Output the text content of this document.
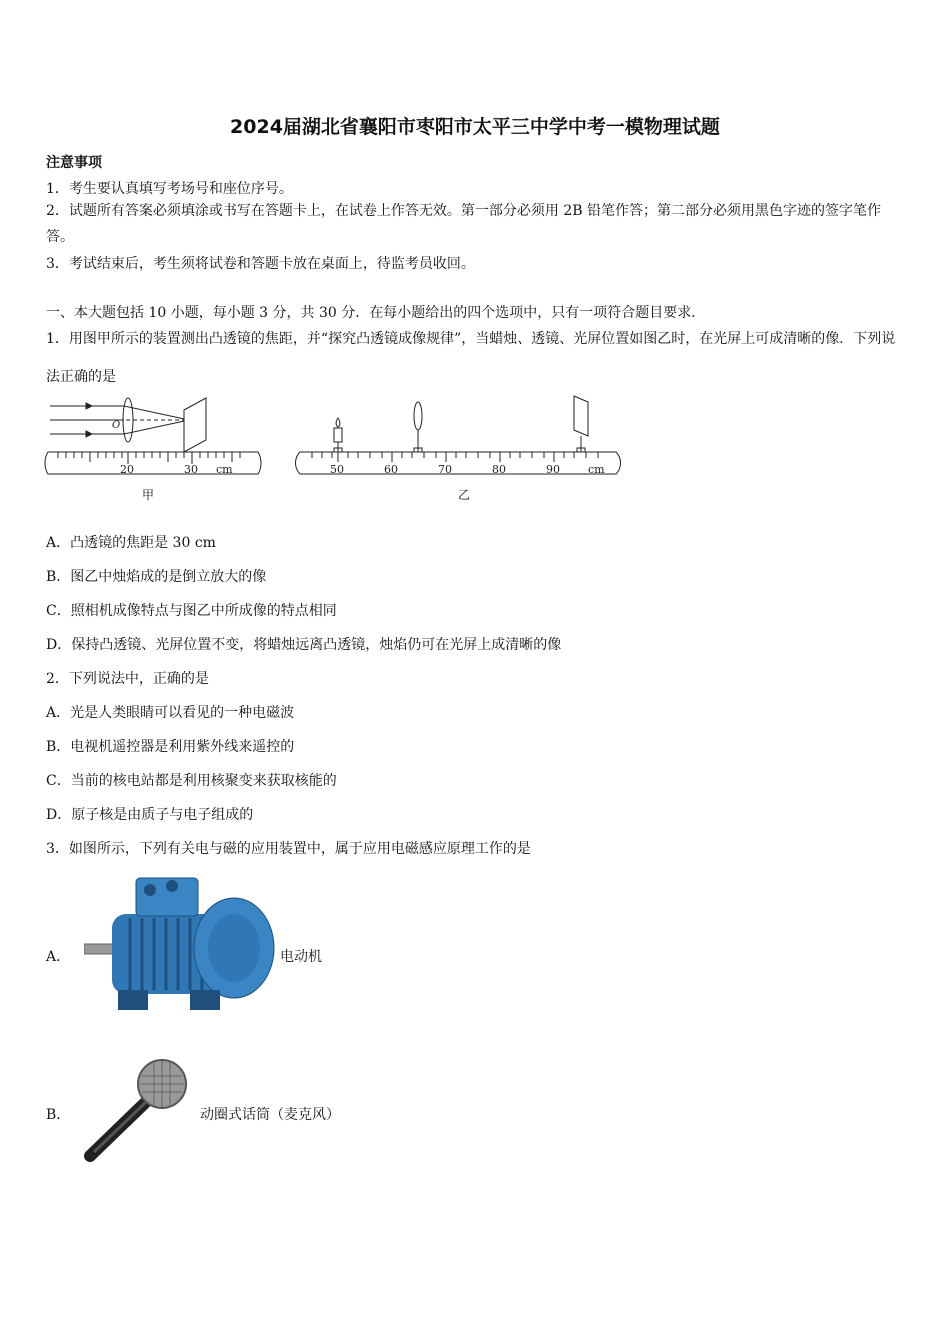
2024届湖北省襄阳市枣阳市太平三中学中考一模物理试题
注意事项
1．考生要认真填写考场号和座位序号。
2．试题所有答案必须填涂或书写在答题卡上，在试卷上作答无效。第一部分必须用 2B 铅笔作答；第二部分必须用黑色字迹的签字笔作答。
3．考试结束后，考生须将试卷和答题卡放在桌面上，待监考员收回。
一、本大题包括 10 小题，每小题 3 分，共 30 分．在每小题给出的四个选项中，只有一项符合题目要求．
1．用图甲所示的装置测出凸透镜的焦距，并“探究凸透镜成像规律”，当蜡烛、透镜、光屏位置如图乙时，在光屏上可成清晰的像．下列说法正确的是
O
20	30 cm
甲
50	60	70	80	90	cm
乙
A．凸透镜的焦距是 30 cm
B．图乙中烛焰成的是倒立放大的像
C．照相机成像特点与图乙中所成像的特点相同
D．保持凸透镜、光屏位置不变，将蜡烛远离凸透镜，烛焰仍可在光屏上成清晰的像
2．下列说法中，正确的是
A．光是人类眼睛可以看见的一种电磁波
B．电视机遥控器是利用紫外线来遥控的
C．当前的核电站都是利用核聚变来获取核能的
D．原子核是由质子与电子组成的
3．如图所示，下列有关电与磁的应用装置中，属于应用电磁感应原理工作的是
A．	电动机
B．	动圈式话筒（麦克风）
